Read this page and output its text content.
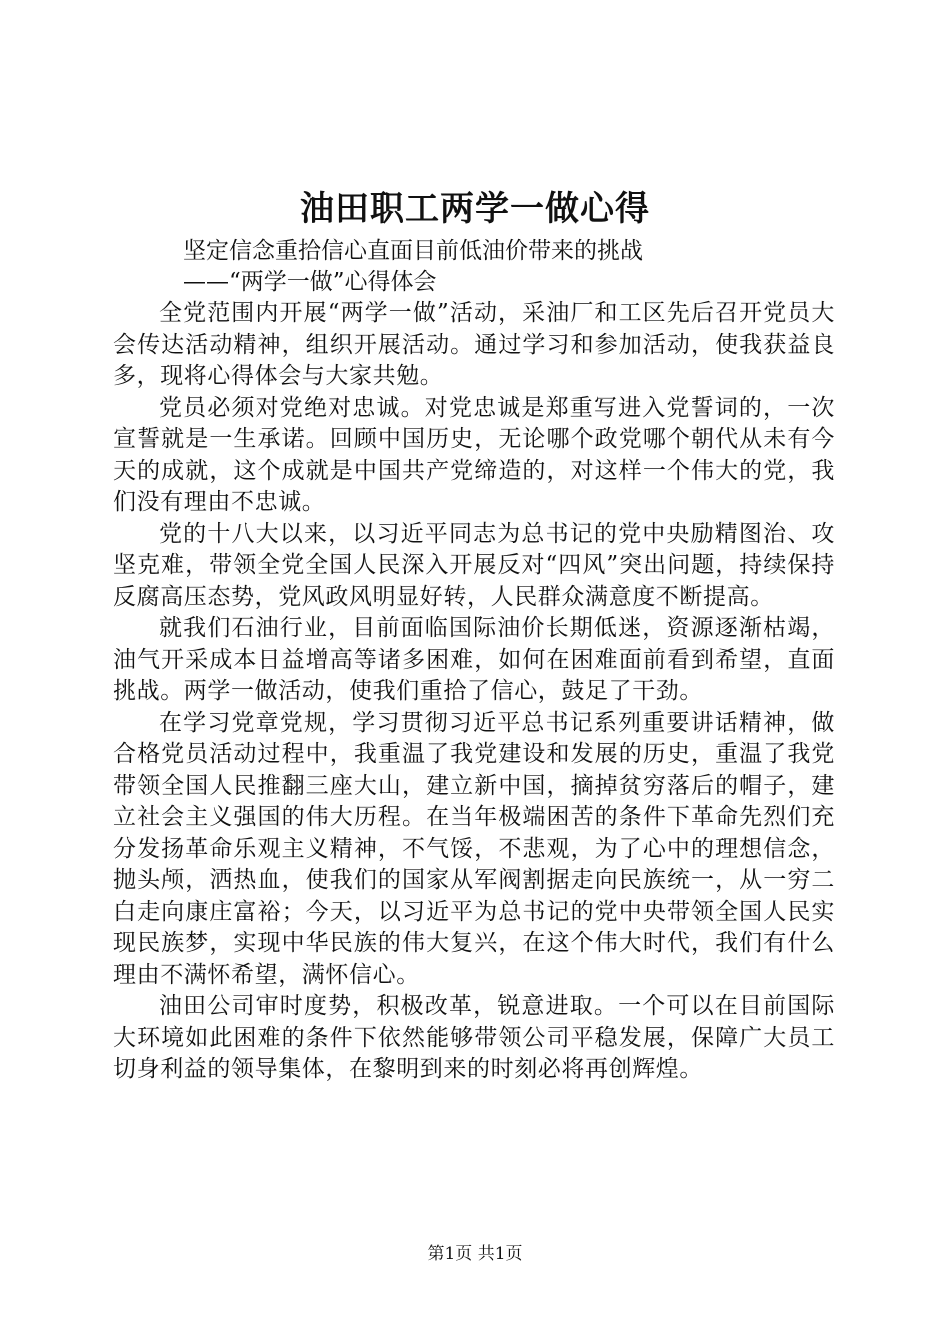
油田职工两学一做心得

坚定信念重拾信心直面目前低油价带来的挑战

——“两学一做”心得体会

全党范围内开展“两学一做”活动，采油厂和工区先后召开党员大会传达活动精神，组织开展活动。通过学习和参加活动，使我获益良多，现将心得体会与大家共勉。

党员必须对党绝对忠诚。对党忠诚是郑重写进入党誓词的，一次宣誓就是一生承诺。回顾中国历史，无论哪个政党哪个朝代从未有今天的成就，这个成就是中国共产党缔造的，对这样一个伟大的党，我们没有理由不忠诚。

党的十八大以来，以习近平同志为总书记的党中央励精图治、攻坚克难，带领全党全国人民深入开展反对“四风”突出问题，持续保持反腐高压态势，党风政风明显好转，人民群众满意度不断提高。

就我们石油行业，目前面临国际油价长期低迷，资源逐渐枯竭，油气开采成本日益增高等诸多困难，如何在困难面前看到希望，直面挑战。两学一做活动，使我们重拾了信心，鼓足了干劲。

在学习党章党规，学习贯彻习近平总书记系列重要讲话精神，做合格党员活动过程中，我重温了我党建设和发展的历史，重温了我党带领全国人民推翻三座大山，建立新中国，摘掉贫穷落后的帽子，建立社会主义强国的伟大历程。在当年极端困苦的条件下革命先烈们充分发扬革命乐观主义精神，不气馁，不悲观，为了心中的理想信念，抛头颅，洒热血，使我们的国家从军阀割据走向民族统一，从一穷二白走向康庄富裕；今天，以习近平为总书记的党中央带领全国人民实现民族梦，实现中华民族的伟大复兴，在这个伟大时代，我们有什么理由不满怀希望，满怀信心。

油田公司审时度势，积极改革，锐意进取。一个可以在目前国际大环境如此困难的条件下依然能够带领公司平稳发展，保障广大员工切身利益的领导集体，在黎明到来的时刻必将再创辉煌。

第1页 共1页
